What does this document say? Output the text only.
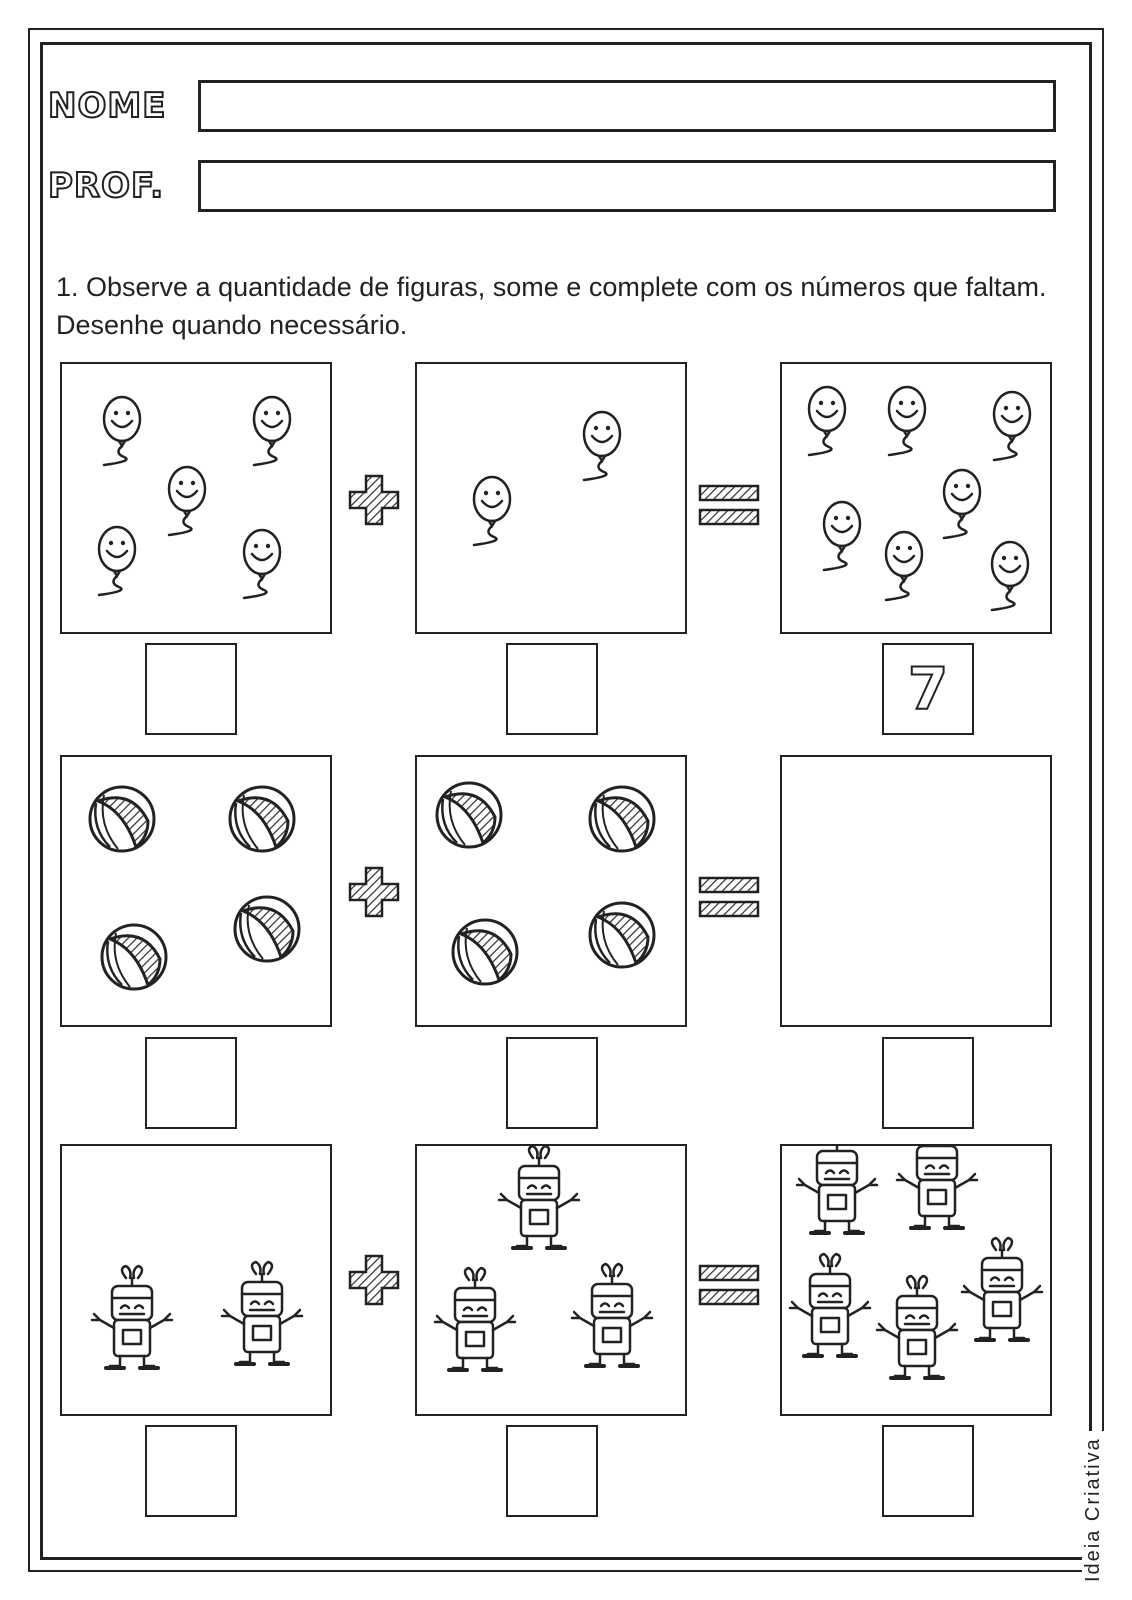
NOME
PROF.
1. Observe a quantidade de figuras, some e complete com os números que faltam. Desenhe quando necessário.
7
Ideia Criativa
